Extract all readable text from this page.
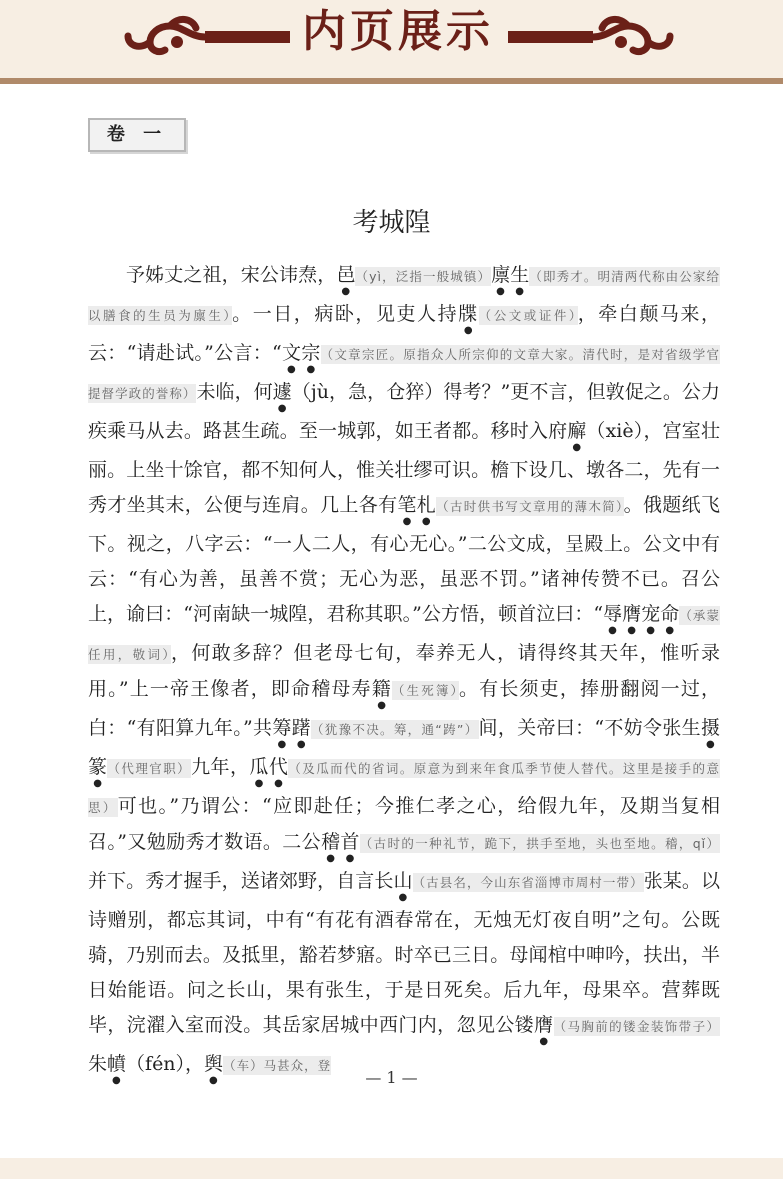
内页展示
卷 一
考城隍

予姊丈之祖，宋公讳焘，邑（yì，泛指一般城镇）廪生（即秀才。明清两代称由公家给以膳食的生员为廪生）。一日，病卧，见吏人持牒（公文或证件），牵白颠马来，云：“请赴试。”公言：“文宗（文章宗匠。原指众人所宗仰的文章大家。清代时，是对省级学官提督学政的誉称）未临，何遽（jù，急，仓猝）得考？”更不言，但敦促之。公力疾乘马从去。路甚生疏。至一城郭，如王者都。移时入府廨（xiè），宫室壮丽。上坐十馀官，都不知何人，惟关壮缪可识。檐下设几、墩各二，先有一秀才坐其末，公便与连肩。几上各有笔札（古时供书写文章用的薄木简）。俄题纸飞下。视之，八字云：“一人二人，有心无心。”二公文成，呈殿上。公文中有云：“有心为善，虽善不赏；无心为恶，虽恶不罚。”诸神传赞不已。召公上，谕曰：“河南缺一城隍，君称其职。”公方悟，顿首泣曰：“辱膺宠命（承蒙任用，敬词），何敢多辞？但老母七旬，奉养无人，请得终其天年，惟听录用。”上一帝王像者，即命稽母寿籍（生死簿）。有长须吏，捧册翻阅一过，白：“有阳算九年。”共筹躇（犹豫不决。筹，通“踌”）间，关帝曰：“不妨令张生摄篆（代理官职）九年，瓜代（及瓜而代的省词。原意为到来年食瓜季节使人替代。这里是接手的意思）可也。”乃谓公：“应即赴任；今推仁孝之心，给假九年，及期当复相召。”又勉励秀才数语。二公稽首（古时的一种礼节，跪下，拱手至地，头也至地。稽，qǐ）并下。秀才握手，送诸郊野，自言长山（古县名，今山东省淄博市周村一带）张某。以诗赠别，都忘其词，中有“有花有酒春常在，无烛无灯夜自明”之句。公既骑，乃别而去。及抵里，豁若梦寤。时卒已三日。母闻棺中呻吟，扶出，半日始能语。问之长山，果有张生，于是日死矣。后九年，母果卒。营葬既毕，浣濯入室而没。其岳家居城中西门内，忽见公镂膺（马胸前的镂金装饰带子）朱幩（fén），舆（车）马甚众，登

— 1 —
